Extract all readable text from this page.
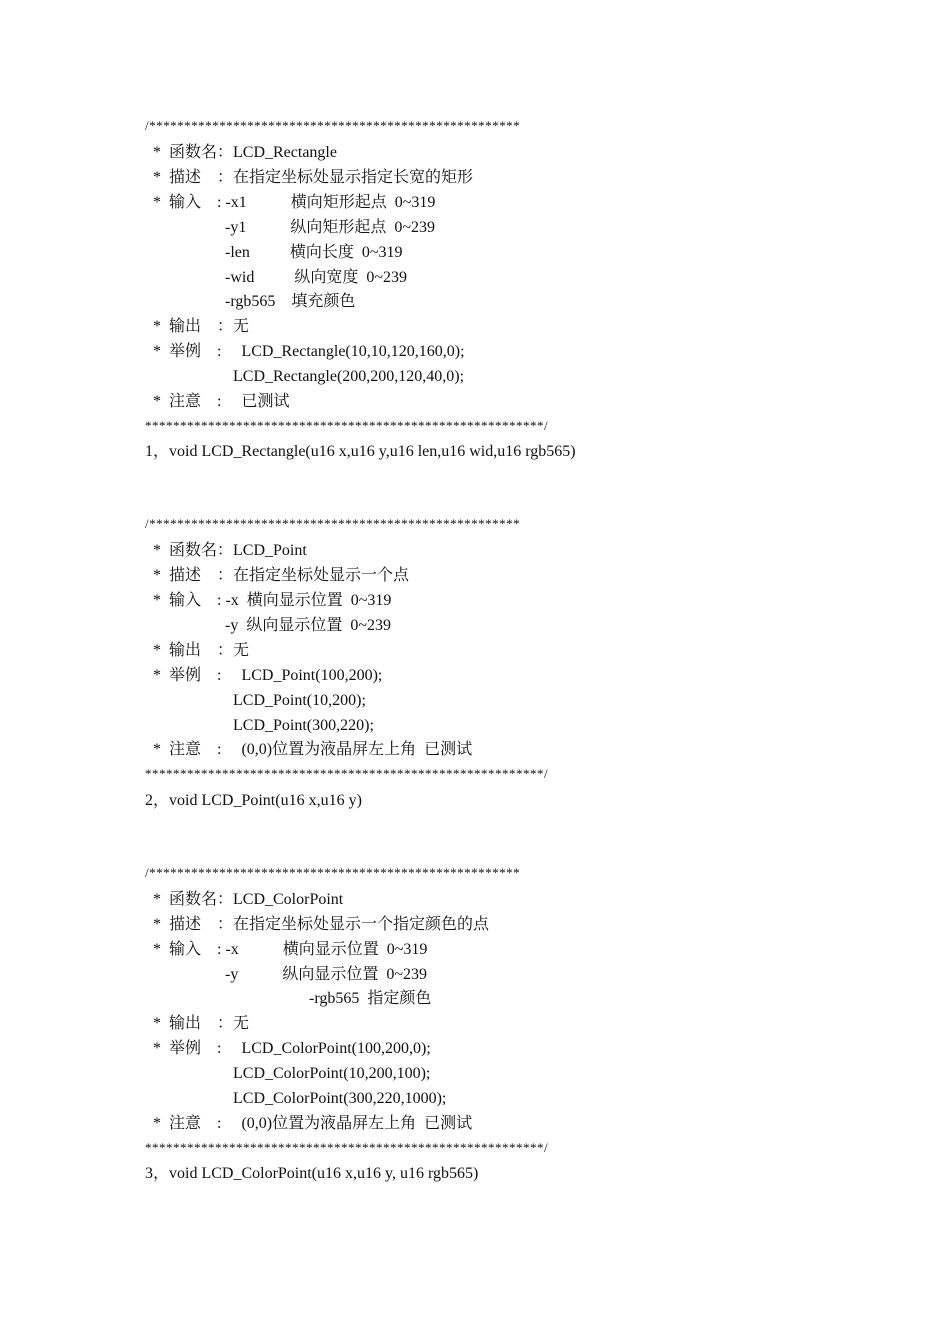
/*****************************************************
*  函数名：LCD_Rectangle
*  描述    ：在指定坐标处显示指定长宽的矩形
*  输入    : -x1           横向矩形起点  0~319
-y1           纵向矩形起点  0~239
-len          横向长度  0~319
-wid          纵向宽度  0~239
-rgb565    填充颜色
*  输出    ：无
*  举例    :     LCD_Rectangle(10,10,120,160,0);
LCD_Rectangle(200,200,120,40,0);
*  注意    :     已测试
*********************************************************/
1，void LCD_Rectangle(u16 x,u16 y,u16 len,u16 wid,u16 rgb565)
/*****************************************************
*  函数名：LCD_Point
*  描述    ：在指定坐标处显示一个点
*  输入    : -x  横向显示位置  0~319
-y  纵向显示位置  0~239
*  输出    ：无
*  举例    :     LCD_Point(100,200);
LCD_Point(10,200);
LCD_Point(300,220);
*  注意    :     (0,0)位置为液晶屏左上角  已测试
*********************************************************/
2，void LCD_Point(u16 x,u16 y)
/*****************************************************
*  函数名：LCD_ColorPoint
*  描述    ：在指定坐标处显示一个指定颜色的点
*  输入    : -x           横向显示位置  0~319
-y           纵向显示位置  0~239
-rgb565  指定颜色
*  输出    ：无
*  举例    :     LCD_ColorPoint(100,200,0);
LCD_ColorPoint(10,200,100);
LCD_ColorPoint(300,220,1000);
*  注意    :     (0,0)位置为液晶屏左上角  已测试
*********************************************************/
3，void LCD_ColorPoint(u16 x,u16 y, u16 rgb565)
